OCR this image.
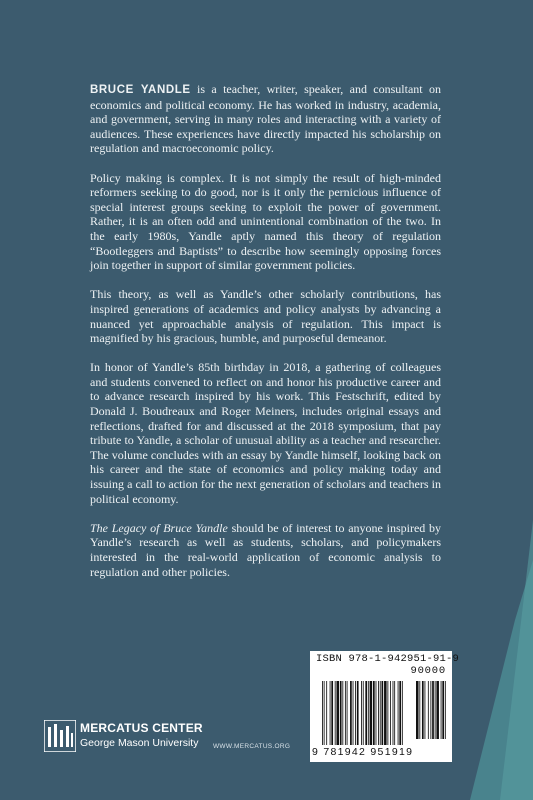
BRUCE YANDLE is a teacher, writer, speaker, and consultant on economics and political economy. He has worked in industry, academia, and government, serving in many roles and interacting with a variety of audiences. These experiences have directly impacted his scholarship on regulation and macroeconomic policy.

Policy making is complex. It is not simply the result of high-minded reformers seeking to do good, nor is it only the pernicious influence of special interest groups seeking to exploit the power of government. Rather, it is an often odd and unintentional combination of the two. In the early 1980s, Yandle aptly named this theory of regulation “Bootleggers and Baptists” to describe how seemingly opposing forces join together in support of similar government policies.

This theory, as well as Yandle’s other scholarly contributions, has inspired generations of academics and policy analysts by advancing a nuanced yet approachable analysis of regulation. This impact is magnified by his gracious, humble, and purposeful demeanor.

In honor of Yandle’s 85th birthday in 2018, a gathering of colleagues and students convened to reflect on and honor his productive career and to advance research inspired by his work. This Festschrift, edited by Donald J. Boudreaux and Roger Meiners, includes original essays and reflections, drafted for and discussed at the 2018 symposium, that pay tribute to Yandle, a scholar of unusual ability as a teacher and researcher. The volume concludes with an essay by Yandle himself, looking back on his career and the state of economics and policy making today and issuing a call to action for the next generation of scholars and teachers in political economy.

The Legacy of Bruce Yandle should be of interest to anyone inspired by Yandle’s research as well as students, scholars, and policymakers interested in the real-world application of economic analysis to regulation and other policies.

ISBN 978-1-942951-91-9
90000
9 781942 951919
MERCATUS CENTER
George Mason University WWW.MERCATUS.ORG
